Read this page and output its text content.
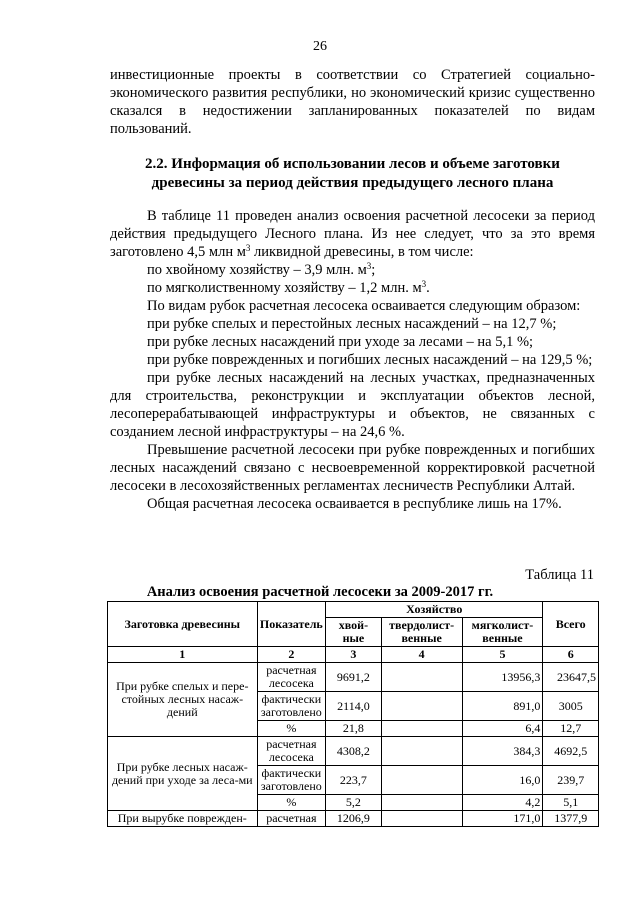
26

инвестиционные проекты в соответствии со Стратегией социально-экономического развития республики, но экономический кризис существенно сказался в недостижении запланированных показателей по видам пользований.

2.2. Информация об использовании лесов и объеме заготовки древесины за период действия предыдущего лесного плана

В таблице 11 проведен анализ освоения расчетной лесосеки за период действия предыдущего Лесного плана. Из нее следует, что за это время заготовлено 4,5 млн $м^3$ ликвидной древесины, в том числе:

по хвойному хозяйству – 3,9 млн. $м^3$;

по мягколиственному хозяйству – 1,2 млн. $м^3$.

По видам рубок расчетная лесосека осваивается следующим образом:

при рубке спелых и перестойных лесных насаждений – на 12,7 %;

при рубке лесных насаждений при уходе за лесами – на 5,1 %;

при рубке поврежденных и погибших лесных насаждений – на 129,5 %;

при рубке лесных насаждений на лесных участках, предназначенных для строительства, реконструкции и эксплуатации объектов лесной, лесоперерабатывающей инфраструктуры и объектов, не связанных с созданием лесной инфраструктуры – на 24,6 %.

Превышение расчетной лесосеки при рубке поврежденных и погибших лесных насаждений связано с несвоевременной корректировкой расчетной лесосеки в лесохозяйственных регламентах лесничеств Республики Алтай.

Общая расчетная лесосека осваивается в республике лишь на 17%.

Таблица 11
Анализ освоения расчетной лесосеки за 2009-2017 гг.
Заготовка древесины	Показатель	Хозяйство			Всего
		хвой-ные	твердолист-венные	мягколист-венные	
1	2	3	4	5	6
При рубке спелых и пере-стойных лесных насаж-дений	расчетная лесосека	9691,2		13956,3	23647,5
	фактически заготовлено	2114,0		891,0	3005
	%	21,8		6,4	12,7
При рубке лесных насаж-дений при уходе за леса-ми	расчетная лесосека	4308,2		384,3	4692,5
	фактически заготовлено	223,7		16,0	239,7
	%	5,2		4,2	5,1
При вырубке поврежден-	расчетная	1206,9		171,0	1377,9
